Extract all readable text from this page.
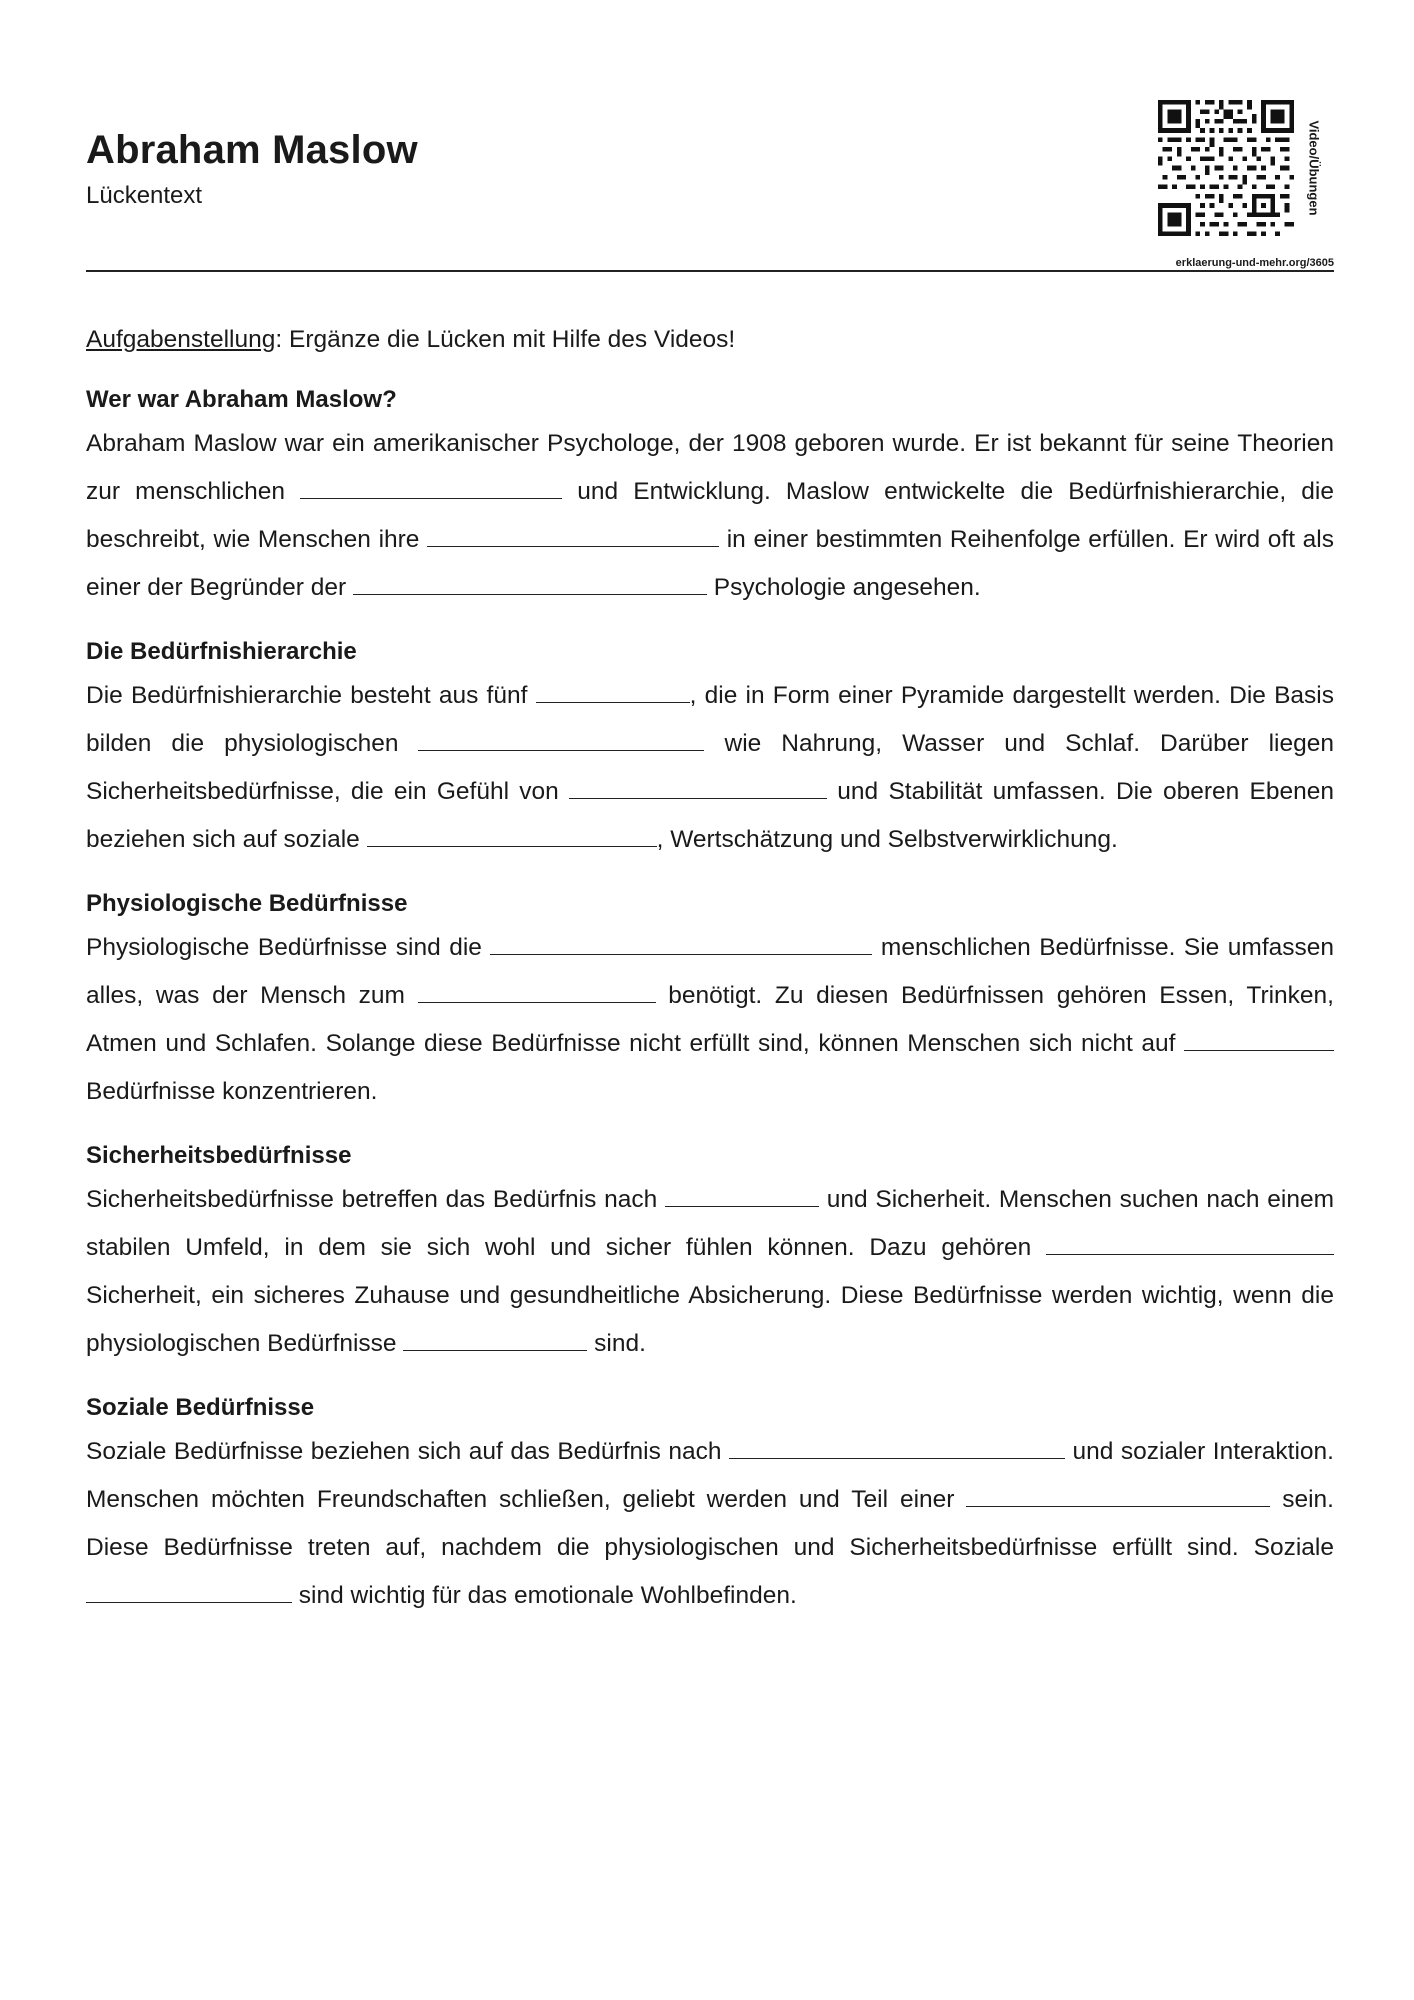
Abraham Maslow
Lückentext	Video/Übungen
erklaerung-und-mehr.org/3605

Aufgabenstellung: Ergänze die Lücken mit Hilfe des Videos!

Wer war Abraham Maslow?

Abraham Maslow war ein amerikanischer Psychologe, der 1908 geboren wurde. Er ist bekannt für seine Theorien zur menschlichen	und Entwicklung. Maslow entwickelte die Bedürfnishierarchie, die beschreibt, wie Menschen ihre	in einer bestimmten Reihenfolge erfüllen. Er wird oft als einer der Begründer der	Psychologie angesehen.

Die Bedürfnishierarchie

Die Bedürfnishierarchie besteht aus fünf	, die in Form einer Pyramide dargestellt werden. Die Basis bilden die physiologischen	wie Nahrung, Wasser und Schlaf. Darüber liegen Sicherheitsbedürfnisse, die ein Gefühl von	und Stabilität umfassen. Die oberen Ebenen beziehen sich auf soziale	, Wertschätzung und Selbstverwirklichung.

Physiologische Bedürfnisse

Physiologische Bedürfnisse sind die	menschlichen Bedürfnisse. Sie umfassen alles, was der Mensch zum	benötigt. Zu diesen Bedürfnissen gehören Essen, Trinken, Atmen und Schlafen. Solange diese Bedürfnisse nicht erfüllt sind, können Menschen sich nicht auf  Bedürfnisse konzentrieren.

Sicherheitsbedürfnisse

Sicherheitsbedürfnisse betreffen das Bedürfnis nach	und Sicherheit. Menschen suchen nach einem stabilen Umfeld, in dem sie sich wohl und sicher fühlen können. Dazu gehören  Sicherheit, ein sicheres Zuhause und gesundheitliche Absicherung. Diese Bedürfnisse werden wichtig, wenn die physiologischen Bedürfnisse	sind.

Soziale Bedürfnisse

Soziale Bedürfnisse beziehen sich auf das Bedürfnis nach	und sozialer Interaktion. Menschen möchten Freundschaften schließen, geliebt werden und Teil einer	sein. Diese Bedürfnisse treten auf, nachdem die physiologischen und Sicherheitsbedürfnisse erfüllt sind. Soziale  sind wichtig für das emotionale Wohlbefinden.
